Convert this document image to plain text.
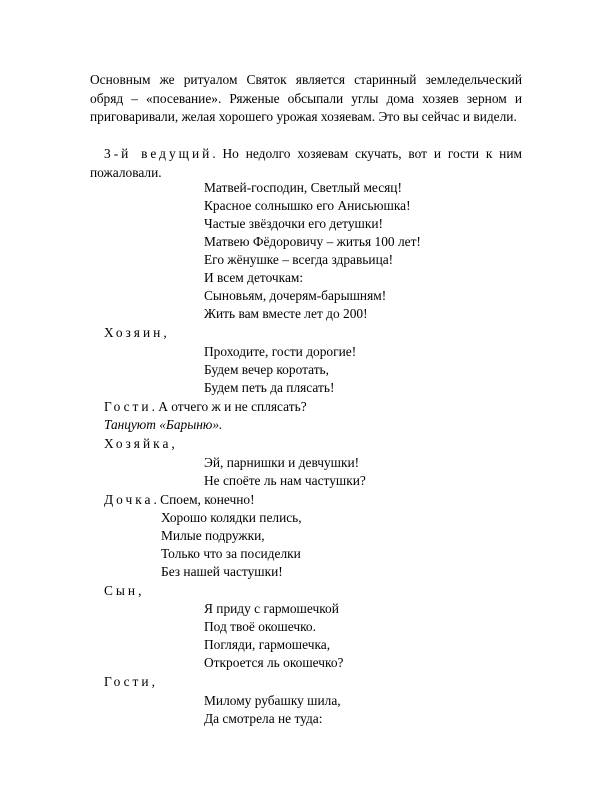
Основным же ритуалом Святок является старинный земледельческий обряд – «посевание». Ряженые обсыпали углы дома хозяев зерном и приговаривали, желая хорошего урожая хозяевам. Это вы сейчас и видели.

3-й ведущий. Но недолго хозяевам скучать, вот и гости к ним пожаловали.

Матвей-господин, Светлый месяц!

Красное солнышко его Анисьюшка!

Частые звёздочки его детушки!

Матвею Фёдоровичу – житья 100 лет!

Его жёнушке – всегда здравьица!

И всем деточкам:

Сыновьям, дочерям-барышням!

Жить вам вместе лет до 200!

Хозяин,

Проходите, гости дорогие!

Будем вечер коротать,

Будем петь да плясать!

Гости. А отчего ж и не сплясать?

Танцуют «Барыню».

Хозяйка,

Эй, парнишки и девчушки!

Не споёте ль нам частушки?

Дочка. Споем, конечно!

Хорошо колядки пелись,

Милые подружки,

Только что за посиделки

Без нашей частушки!

Сын,

Я приду с гармошечкой

Под твоё окошечко.

Погляди, гармошечка,

Откроется ль окошечко?

Гости,

Милому рубашку шила,

Да смотрела не туда:
